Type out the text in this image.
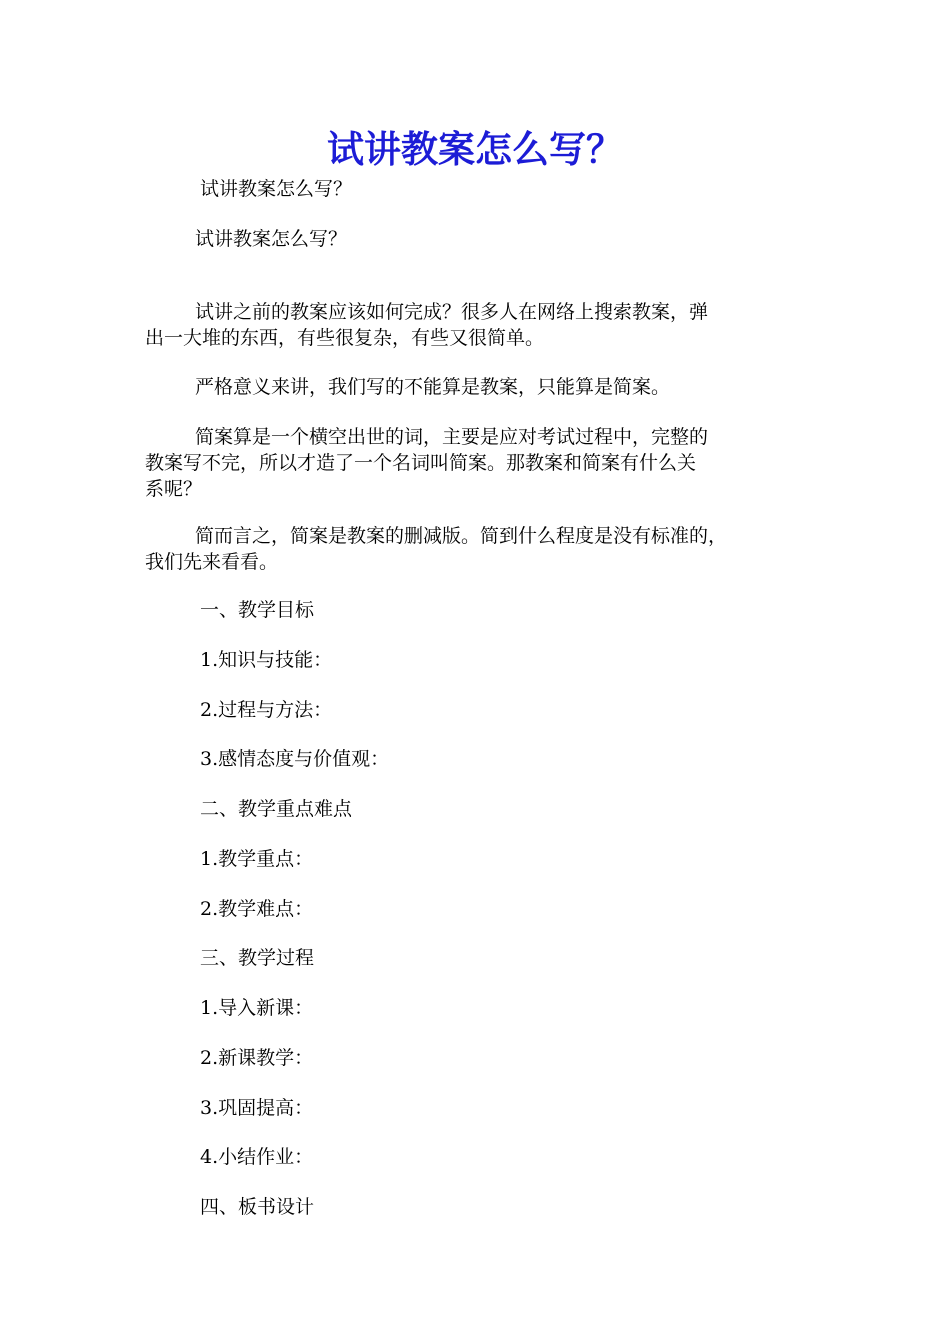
试讲教案怎么写？

试讲教案怎么写？

试讲教案怎么写？

试讲之前的教案应该如何完成？很多人在网络上搜索教案，弹
出一大堆的东西，有些很复杂，有些又很简单。

严格意义来讲，我们写的不能算是教案，只能算是简案。

简案算是一个横空出世的词，主要是应对考试过程中，完整的
教案写不完，所以才造了一个名词叫简案。那教案和简案有什么关
系呢？

简而言之，简案是教案的删减版。简到什么程度是没有标准的，
我们先来看看。

一、教学目标

1.知识与技能：

2.过程与方法：

3.感情态度与价值观：

二、教学重点难点

1.教学重点：

2.教学难点：

三、教学过程

1.导入新课：

2.新课教学：

3.巩固提高：

4.小结作业：

四、板书设计
